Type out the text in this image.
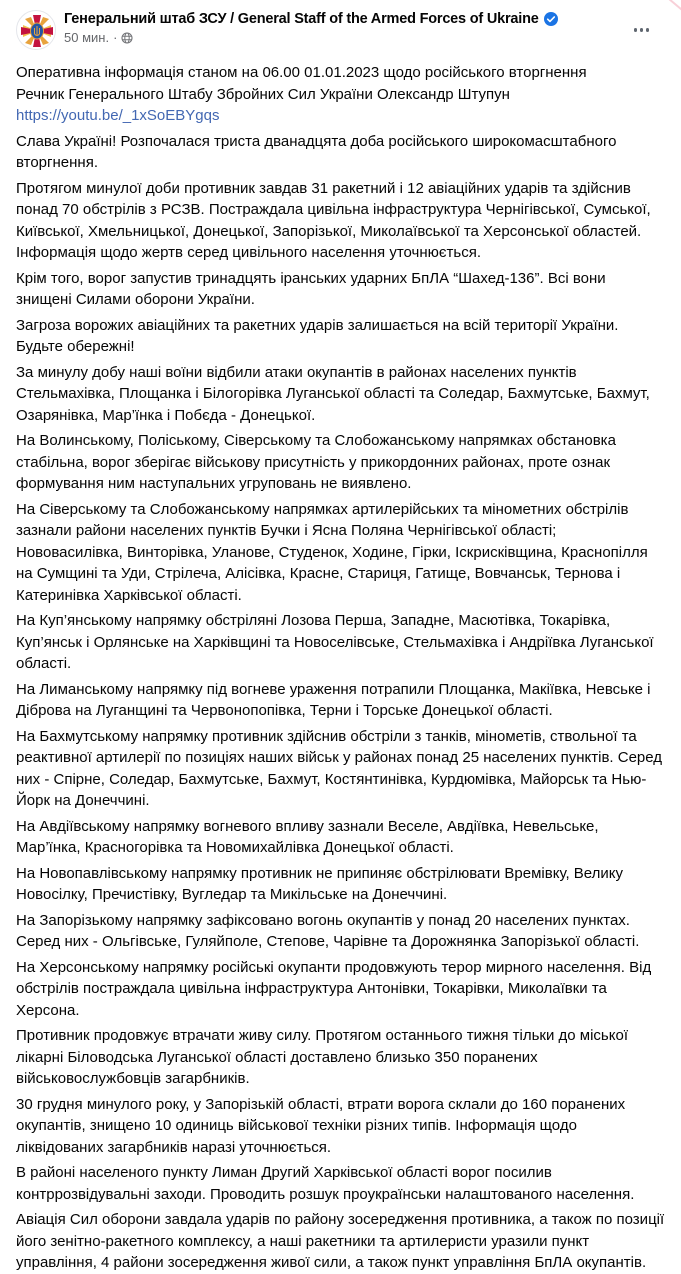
Генеральний штаб ЗСУ / General Staff of the Armed Forces of Ukraine
50 мин. ·

Оперативна інформація станом на 06.00 01.01.2023 щодо російського вторгнення
Речник Генерального Штабу Збройних Сил України Олександр Штупун
https://youtu.be/_1xSoEBYgqs

Слава Україні! Розпочалася триста дванадцята доба російського широкомасштабного вторгнення.

Протягом минулої доби противник завдав 31 ракетний і 12 авіаційних ударів та здійснив понад 70 обстрілів з РСЗВ. Постраждала цивільна інфраструктура Чернігівської, Сумської, Київської, Хмельницької, Донецької, Запорізької, Миколаївської та Херсонської областей. Інформація щодо жертв серед цивільного населення уточнюється.

Крім того, ворог запустив тринадцять іранських ударних БпЛА “Шахед-136”. Всі вони знищені Силами оборони України.

Загроза ворожих авіаційних та ракетних ударів залишається на всій території України. Будьте обережні!

За минулу добу наші воїни відбили атаки окупантів в районах населених пунктів Стельмахівка, Площанка і Білогорівка Луганської області та Соледар, Бахмутське, Бахмут, Озарянівка, Мар’їнка і Побєда - Донецької.

На Волинському, Поліському, Сіверському та Слобожанському напрямках обстановка стабільна, ворог зберігає військову присутність у прикордонних районах, проте ознак формування ним наступальних угруповань не виявлено.

На Сіверському та Слобожанському напрямках артилерійських та мінометних обстрілів зазнали райони населених пунктів Бучки і Ясна Поляна Чернігівської області; Нововасилівка, Винторівка, Уланове, Студенок, Ходине, Гірки, Іскрисківщина, Краснопілля на Сумщині та Уди, Стрілеча, Алісівка, Красне, Стариця, Гатище, Вовчанськ, Тернова і Катеринівка Харківської області.

На Куп’янському напрямку обстріляні Лозова Перша, Западне, Масютівка, Токарівка, Куп’янськ і Орлянське на Харківщині та Новоселівське, Стельмахівка і Андріївка Луганської області.

На Лиманському напрямку під вогневе ураження потрапили Площанка, Макіївка, Невське і Діброва на Луганщині та Червонопопівка, Терни і Торське Донецької області.

На Бахмутському напрямку противник здійснив обстріли з танків, мінометів, ствольної та реактивної артилерії по позиціях наших військ у районах понад 25 населених пунктів. Серед них - Спірне, Соледар, Бахмутське, Бахмут, Костянтинівка, Курдюмівка, Майорськ та Нью-Йорк на Донеччині.

На Авдіївському напрямку вогневого впливу зазнали Веселе, Авдіївка, Невельське, Мар’їнка, Красногорівка та Новомихайлівка Донецької області.

На Новопавлівському напрямку противник не припиняє обстрілювати Времівку, Велику Новосілку, Пречистівку, Вугледар та Микільське на Донеччині.

На Запорізькому напрямку зафіксовано вогонь окупантів у понад 20 населених пунктах. Серед них - Ольгівське, Гуляйполе, Степове, Чарівне та Дорожнянка Запорізької області.

На Херсонському напрямку російські окупанти продовжують терор мирного населення. Від обстрілів постраждала цивільна інфраструктура Антонівки, Токарівки, Миколаївки та Херсона.

Противник продовжує втрачати живу силу. Протягом останнього тижня тільки до міської лікарні Біловодська Луганської області доставлено близько 350 поранених військовослужбовців загарбників.

30 грудня минулого року, у Запорізькій області, втрати ворога склали до 160 поранених окупантів, знищено 10 одиниць військової техніки різних типів. Інформація щодо ліквідованих загарбників наразі уточнюється.

В районі населеного пункту Лиман Другий Харківської області ворог посилив контррозвідувальні заходи. Проводить розшук проукраїнськи налаштованого населення.

Авіація Сил оборони завдала ударів по району зосередження противника, а також по позиції його зенітно-ракетного комплексу, а наші ракетники та артилеристи уразили пункт управління, 4 райони зосередження живої сили, а також пункт управління БпЛА окупантів.
